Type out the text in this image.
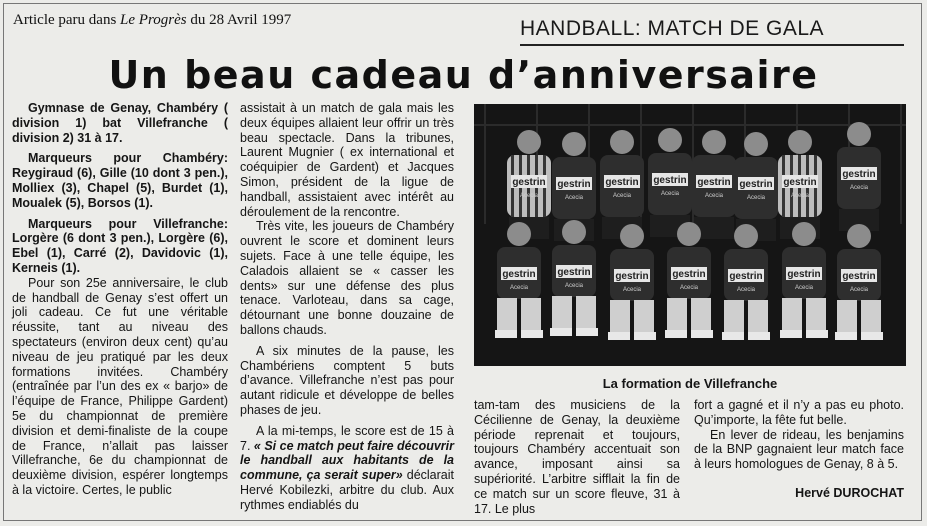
Article paru dans Le Progrès du 28 Avril 1997	HANDBALL: MATCH DE GALA
Un beau cadeau d’anniversaire

Gymnase de Genay, Chambéry ( division 1) bat Villefranche ( division 2) 31 à 17.

Marqueurs pour Chambéry: Reygiraud (6), Gille (10 dont 3 pen.), Molliex (3), Chapel (5), Burdet (1), Moualek (5), Borsos (1).

Marqueurs pour Villefranche: Lorgère (6 dont 3 pen.), Lorgère (6), Ebel (1), Carré (2), Davidovic (1), Kerneis (1).

Pour son 25e anniversaire, le club de handball de Genay s’est offert un joli cadeau. Ce fut une véritable réussite, tant au niveau des spectateurs (environ deux cent) qu’au niveau de jeu pratiqué par les deux formations invitées. Chambéry (entraînée par l’un des ex « barjo» de l’équipe de France, Philippe Gardent) 5e du championnat de première division et demi-finaliste de la coupe de France, n’allait pas laisser Villefranche, 6e du championnat de deuxième division, espérer longtemps à la victoire. Certes, le public

assistait à un match de gala mais les deux équipes allaient leur offrir un très beau spectacle. Dans la tribunes, Laurent Mugnier ( ex international et coéquipier de Gardent) et Jacques Simon, président de la ligue de handball, assistaient avec intérêt au déroulement de la rencontre.

Très vite, les joueurs de Chambéry ouvrent le score et dominent leurs sujets. Face à une telle équipe, les Caladois allaient se « casser les dents» sur une défense des plus tenace. Varloteau, dans sa cage, détournant une bonne douzaine de ballons chauds.

A six minutes de la pause, les Chambériens comptent 5 buts d’avance. Villefranche n’est pas pour autant ridicule et développe de belles phases de jeu.

A la mi-temps, le score est de 15 à 7. « Si ce match peut faire découvrir le handball aux habitants de la commune, ça serait super» déclarait Hervé Kobilezki, arbitre du club. Aux rythmes endiablés du

gestrin
Acecia
gestrin
Acecia
gestrin
Acecia
gestrin
Acecia
gestrin
Acecia
gestrin
Acecia
gestrin
Acecia
gestrin
Acecia
gestrin
Acecia
gestrin
Acecia
gestrin
Acecia
gestrin
Acecia
gestrin
Acecia
gestrin
Acecia
gestrin
Acecia
La formation de Villefranche

tam-tam des musiciens de la Cécilienne de Genay, la deuxième période reprenait et toujours, toujours Chambéry accentuait son avance, imposant ainsi sa supériorité. L’arbitre sifflait la fin de ce match sur un score fleuve, 31 à 17. Le plus

fort a gagné et il n’y a pas eu photo. Qu’importe, la fête fut belle.

En lever de rideau, les benjamins de la BNP gagnaient leur match face à leurs homologues de Genay, 8 à 5.

Hervé DUROCHAT
